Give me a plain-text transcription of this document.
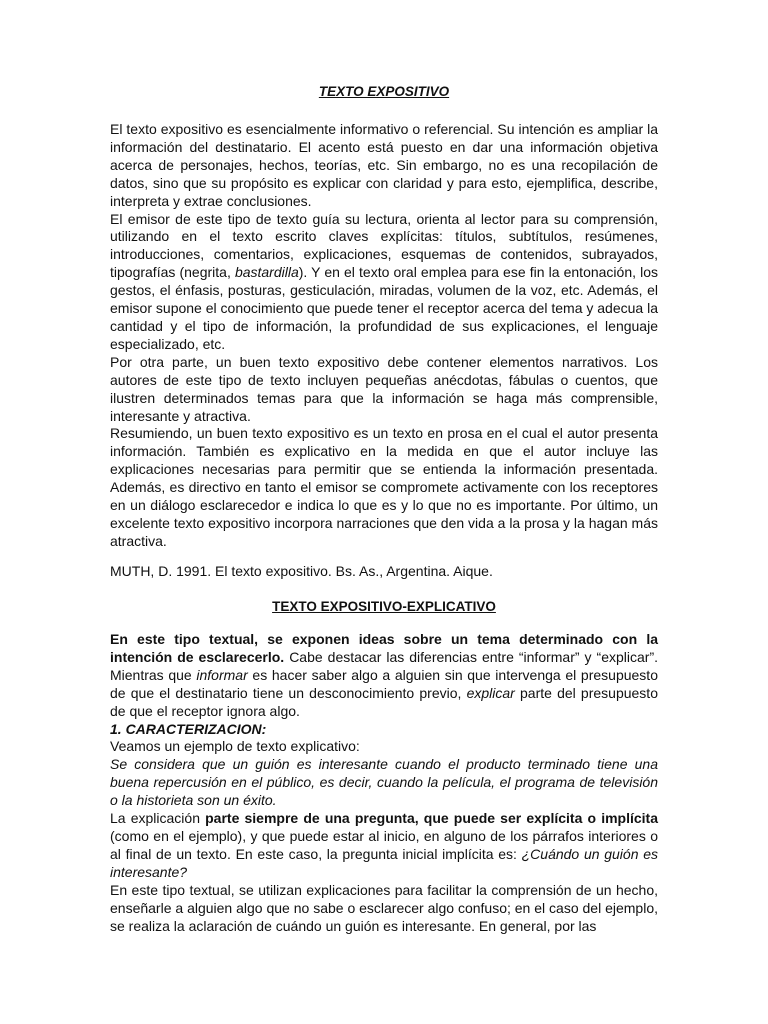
TEXTO EXPOSITIVO

El texto expositivo es esencialmente informativo o referencial. Su intención es ampliar la información del destinatario. El acento está puesto en dar una información objetiva acerca de personajes, hechos, teorías, etc. Sin embargo, no es una recopilación de datos, sino que su propósito es explicar con claridad y para esto, ejemplifica, describe, interpreta y extrae conclusiones.

El emisor de este tipo de texto guía su lectura, orienta al lector para su comprensión, utilizando en el texto escrito claves explícitas: títulos, subtítulos, resúmenes, introducciones, comentarios, explicaciones, esquemas de contenidos, subrayados, tipografías (negrita, bastardilla). Y en el texto oral emplea para ese fin la entonación, los gestos, el énfasis, posturas, gesticulación, miradas, volumen de la voz, etc. Además, el emisor supone el conocimiento que puede tener el receptor acerca del tema y adecua la cantidad y el tipo de información, la profundidad de sus explicaciones, el lenguaje especializado, etc.

Por otra parte, un buen texto expositivo debe contener elementos narrativos. Los autores de este tipo de texto incluyen pequeñas anécdotas, fábulas o cuentos, que ilustren determinados temas para que la información se haga más comprensible, interesante y atractiva.

Resumiendo, un buen texto expositivo es un texto en prosa en el cual el autor presenta información. También es explicativo en la medida en que el autor incluye las explicaciones necesarias para permitir que se entienda la información presentada. Además, es directivo en tanto el emisor se compromete activamente con los receptores en un diálogo esclarecedor e indica lo que es y lo que no es importante. Por último, un excelente texto expositivo incorpora narraciones que den vida a la prosa y la hagan más atractiva.

MUTH, D. 1991. El texto expositivo. Bs. As., Argentina. Aique.
TEXTO EXPOSITIVO-EXPLICATIVO

En este tipo textual, se exponen ideas sobre un tema determinado con la intención de esclarecerlo. Cabe destacar las diferencias entre “informar” y “explicar”. Mientras que informar es hacer saber algo a alguien sin que intervenga el presupuesto de que el destinatario tiene un desconocimiento previo, explicar parte del presupuesto de que el receptor ignora algo.

1. CARACTERIZACION:

Veamos un ejemplo de texto explicativo:

Se considera que un guión es interesante cuando el producto terminado tiene una buena repercusión en el público, es decir, cuando la película, el programa de televisión o la historieta son un éxito.

La explicación parte siempre de una pregunta, que puede ser explícita o implícita (como en el ejemplo), y que puede estar al inicio, en alguno de los párrafos interiores o al final de un texto. En este caso, la pregunta inicial implícita es: ¿Cuándo un guión es interesante?

En este tipo textual, se utilizan explicaciones para facilitar la comprensión de un hecho, enseñarle a alguien algo que no sabe o esclarecer algo confuso; en el caso del ejemplo, se realiza la aclaración de cuándo un guión es interesante. En general, por las
